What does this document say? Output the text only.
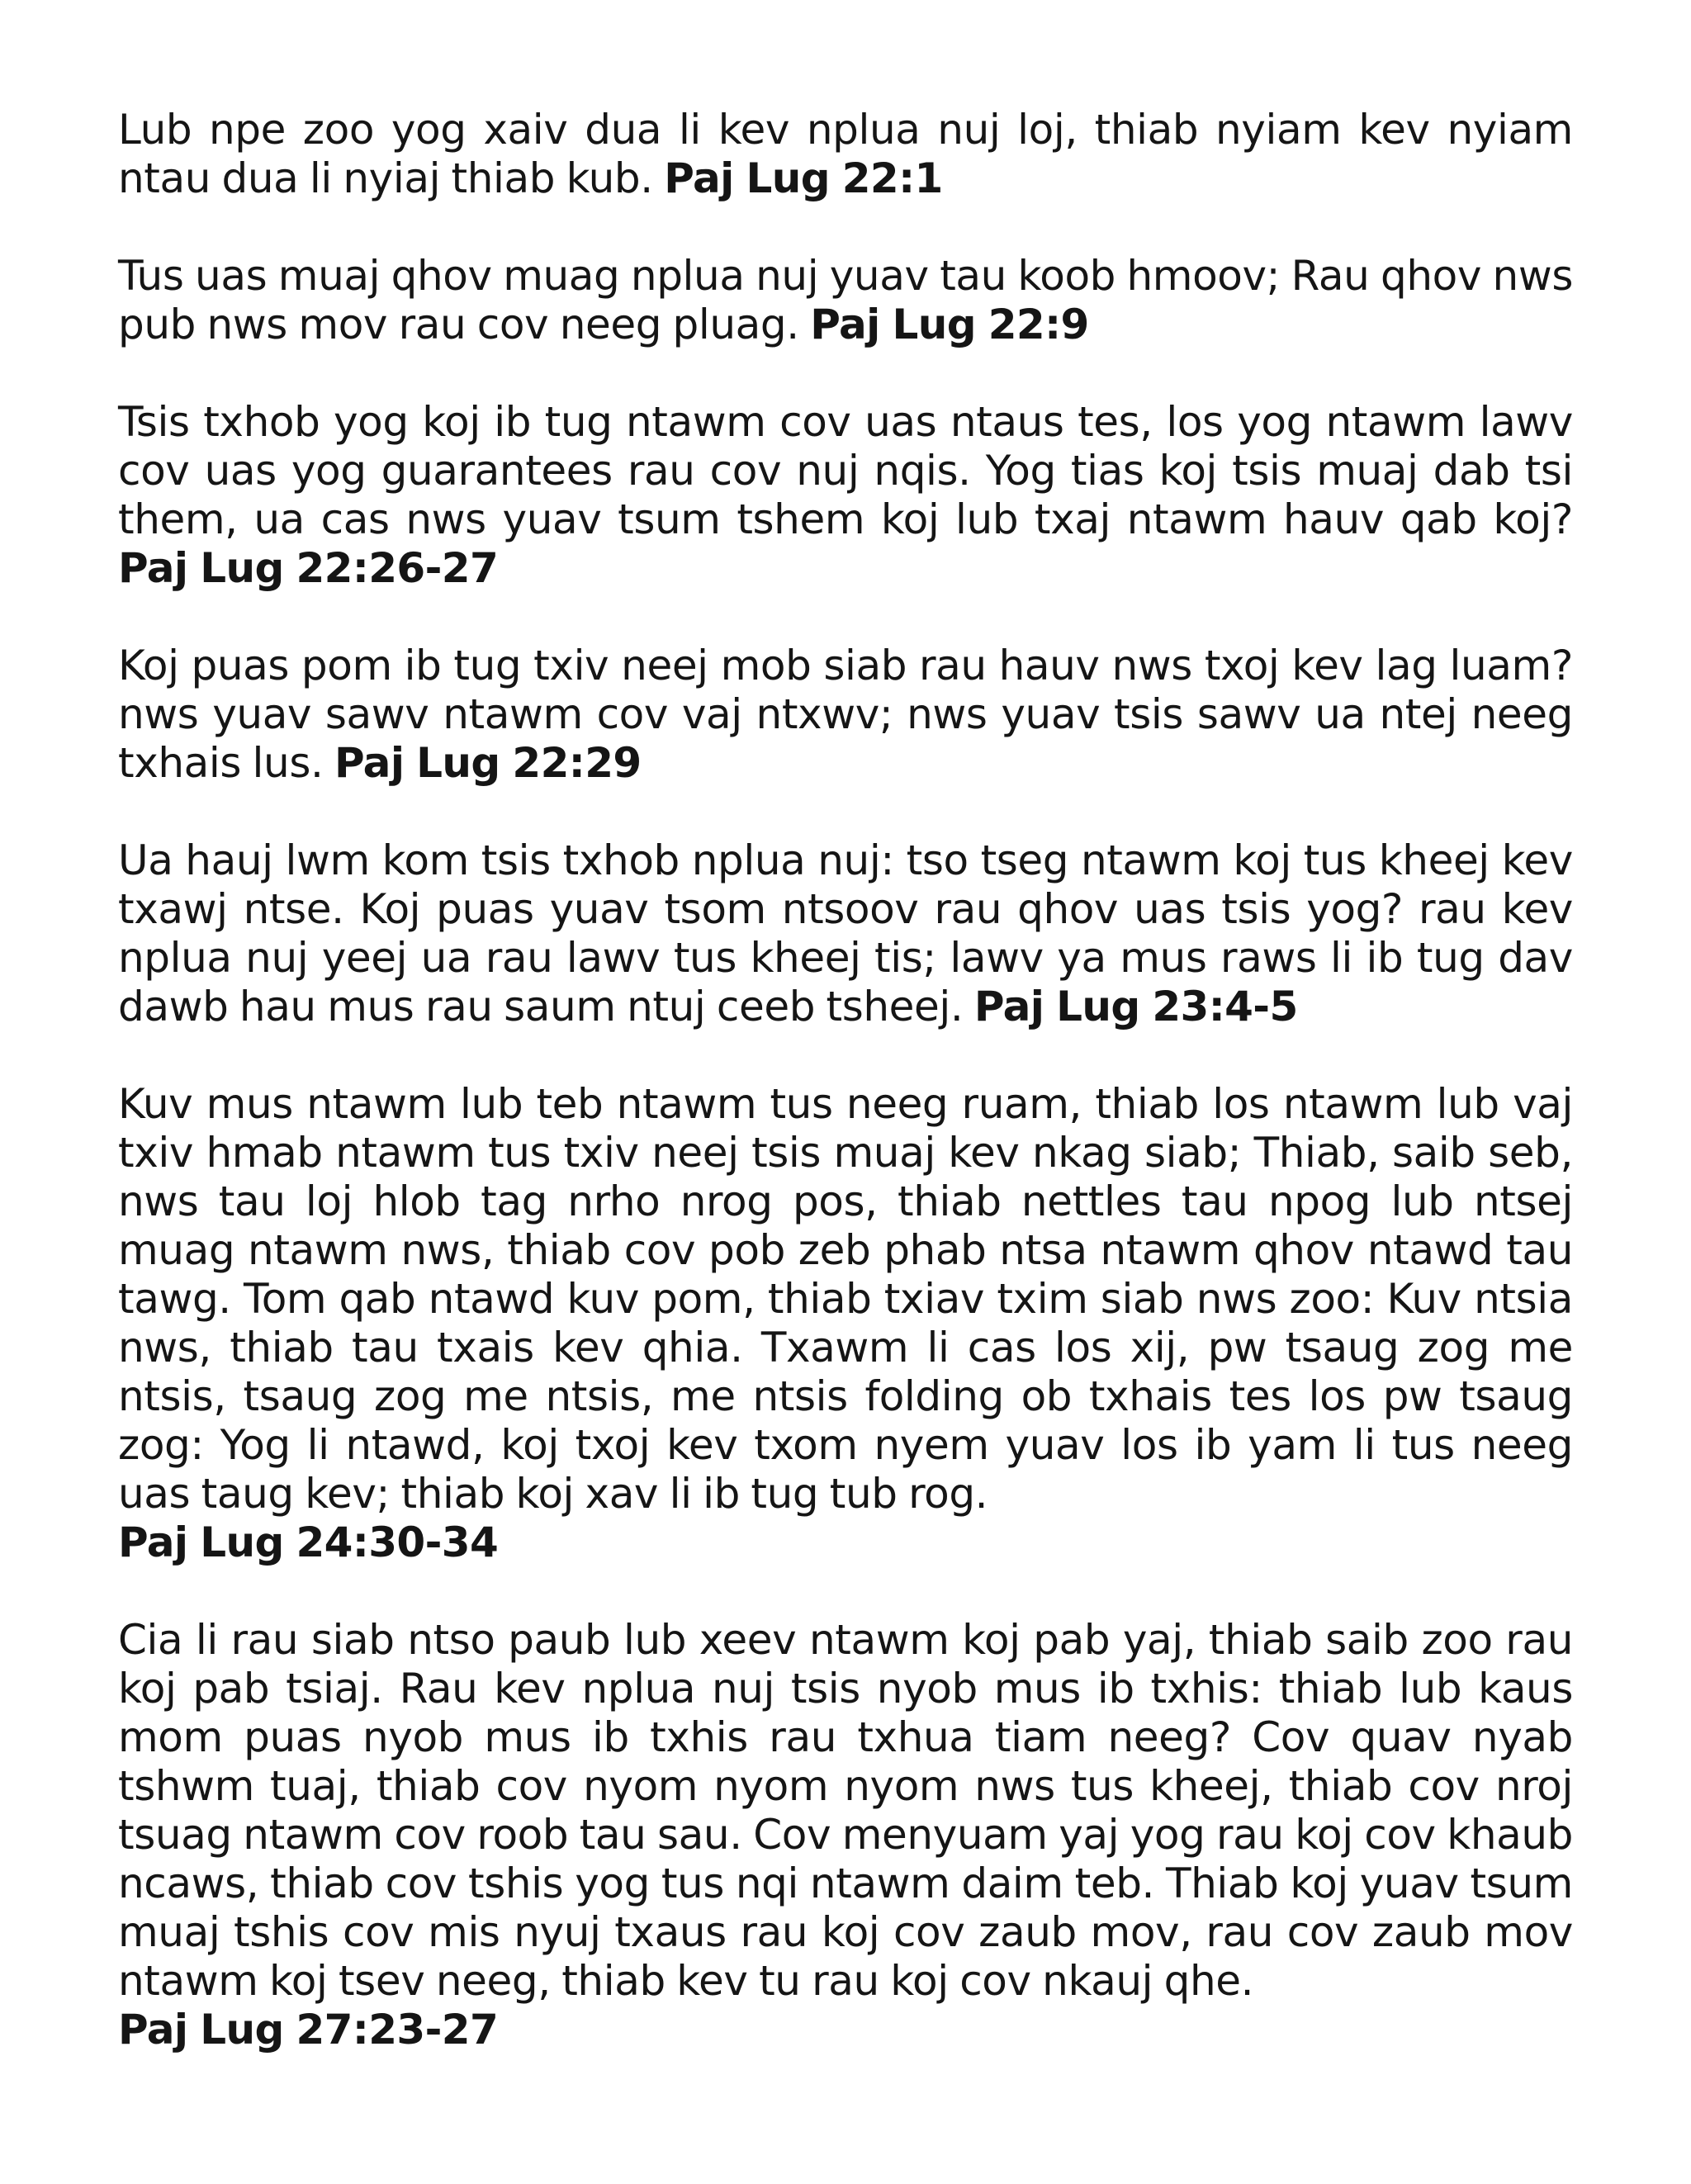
Lub npe zoo yog xaiv dua li kev nplua nuj loj, thiab nyiam kev nyiam ntau dua li nyiaj thiab kub. Paj Lug 22:1

Tus uas muaj qhov muag nplua nuj yuav tau koob hmoov; Rau qhov nws pub nws mov rau cov neeg pluag. Paj Lug 22:9

Tsis txhob yog koj ib tug ntawm cov uas ntaus tes, los yog ntawm lawv cov uas yog guarantees rau cov nuj nqis. Yog tias koj tsis muaj dab tsi them, ua cas nws yuav tsum tshem koj lub txaj ntawm hauv qab koj? Paj Lug 22:26-27

Koj puas pom ib tug txiv neej mob siab rau hauv nws txoj kev lag luam? nws yuav sawv ntawm cov vaj ntxwv; nws yuav tsis sawv ua ntej neeg txhais lus. Paj Lug 22:29

Ua hauj lwm kom tsis txhob nplua nuj: tso tseg ntawm koj tus kheej kev txawj ntse. Koj puas yuav tsom ntsoov rau qhov uas tsis yog? rau kev nplua nuj yeej ua rau lawv tus kheej tis; lawv ya mus raws li ib tug dav dawb hau mus rau saum ntuj ceeb tsheej. Paj Lug 23:4-5

Kuv mus ntawm lub teb ntawm tus neeg ruam, thiab los ntawm lub vaj txiv hmab ntawm tus txiv neej tsis muaj kev nkag siab; Thiab, saib seb, nws tau loj hlob tag nrho nrog pos, thiab nettles tau npog lub ntsej muag ntawm nws, thiab cov pob zeb phab ntsa ntawm qhov ntawd tau tawg. Tom qab ntawd kuv pom, thiab txiav txim siab nws zoo: Kuv ntsia nws, thiab tau txais kev qhia. Txawm li cas los xij, pw tsaug zog me ntsis, tsaug zog me ntsis, me ntsis folding ob txhais tes los pw tsaug zog: Yog li ntawd, koj txoj kev txom nyem yuav los ib yam li tus neeg uas taug kev; thiab koj xav li ib tug tub rog.
Paj Lug 24:30-34

Cia li rau siab ntso paub lub xeev ntawm koj pab yaj, thiab saib zoo rau koj pab tsiaj. Rau kev nplua nuj tsis nyob mus ib txhis: thiab lub kaus mom puas nyob mus ib txhis rau txhua tiam neeg? Cov quav nyab tshwm tuaj, thiab cov nyom nyom nyom nws tus kheej, thiab cov nroj tsuag ntawm cov roob tau sau. Cov menyuam yaj yog rau koj cov khaub ncaws, thiab cov tshis yog tus nqi ntawm daim teb. Thiab koj yuav tsum muaj tshis cov mis nyuj txaus rau koj cov zaub mov, rau cov zaub mov ntawm koj tsev neeg, thiab kev tu rau koj cov nkauj qhe.
Paj Lug 27:23-27
